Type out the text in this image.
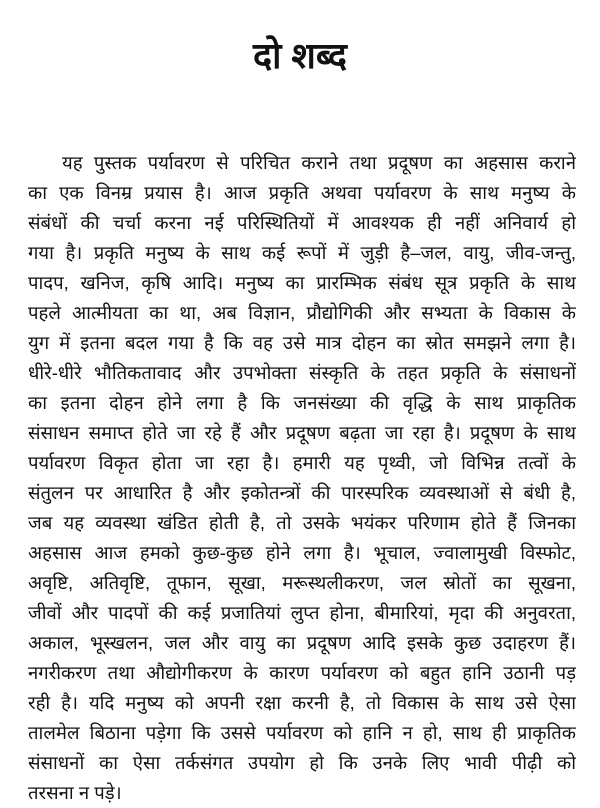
दो शब्द
यह पुस्तक पर्यावरण से परिचित कराने तथा प्रदूषण का अहसास कराने
का एक विनम्र प्रयास है। आज प्रकृति अथवा पर्यावरण के साथ मनुष्य के
संबंधों की चर्चा करना नई परिस्थितियों में आवश्यक ही नहीं अनिवार्य हो
गया है। प्रकृति मनुष्य के साथ कई रूपों में जुड़ी है–जल, वायु, जीव-जन्तु,
पादप, खनिज, कृषि आदि। मनुष्य का प्रारम्भिक संबंध सूत्र प्रकृति के साथ
पहले आत्मीयता का था, अब विज्ञान, प्रौद्योगिकी और सभ्यता के विकास के
युग में इतना बदल गया है कि वह उसे मात्र दोहन का स्रोत समझने लगा है।
धीरे-धीरे भौतिकतावाद और उपभोक्ता संस्कृति के तहत प्रकृति के संसाधनों
का इतना दोहन होने लगा है कि जनसंख्या की वृद्धि के साथ प्राकृतिक
संसाधन समाप्त होते जा रहे हैं और प्रदूषण बढ़ता जा रहा है। प्रदूषण के साथ
पर्यावरण विकृत होता जा रहा है। हमारी यह पृथ्वी, जो विभिन्न तत्वों के
संतुलन पर आधारित है और इकोतन्त्रों की पारस्परिक व्यवस्थाओं से बंधी है,
जब यह व्यवस्था खंडित होती है, तो उसके भयंकर परिणाम होते हैं जिनका
अहसास आज हमको कुछ-कुछ होने लगा है। भूचाल, ज्वालामुखी विस्फोट,
अवृष्टि, अतिवृष्टि, तूफान, सूखा, मरूस्थलीकरण, जल स्रोतों का सूखना,
जीवों और पादपों की कई प्रजातियां लुप्त होना, बीमारियां, मृदा की अनुवरता,
अकाल, भूस्खलन, जल और वायु का प्रदूषण आदि इसके कुछ उदाहरण हैं।
नगरीकरण तथा औद्योगीकरण के कारण पर्यावरण को बहुत हानि उठानी पड़
रही है। यदि मनुष्य को अपनी रक्षा करनी है, तो विकास के साथ उसे ऐसा
तालमेल बिठाना पड़ेगा कि उससे पर्यावरण को हानि न हो, साथ ही प्राकृतिक
संसाधनों का ऐसा तर्कसंगत उपयोग हो कि उनके लिए भावी पीढ़ी को
तरसना न पड़े।
